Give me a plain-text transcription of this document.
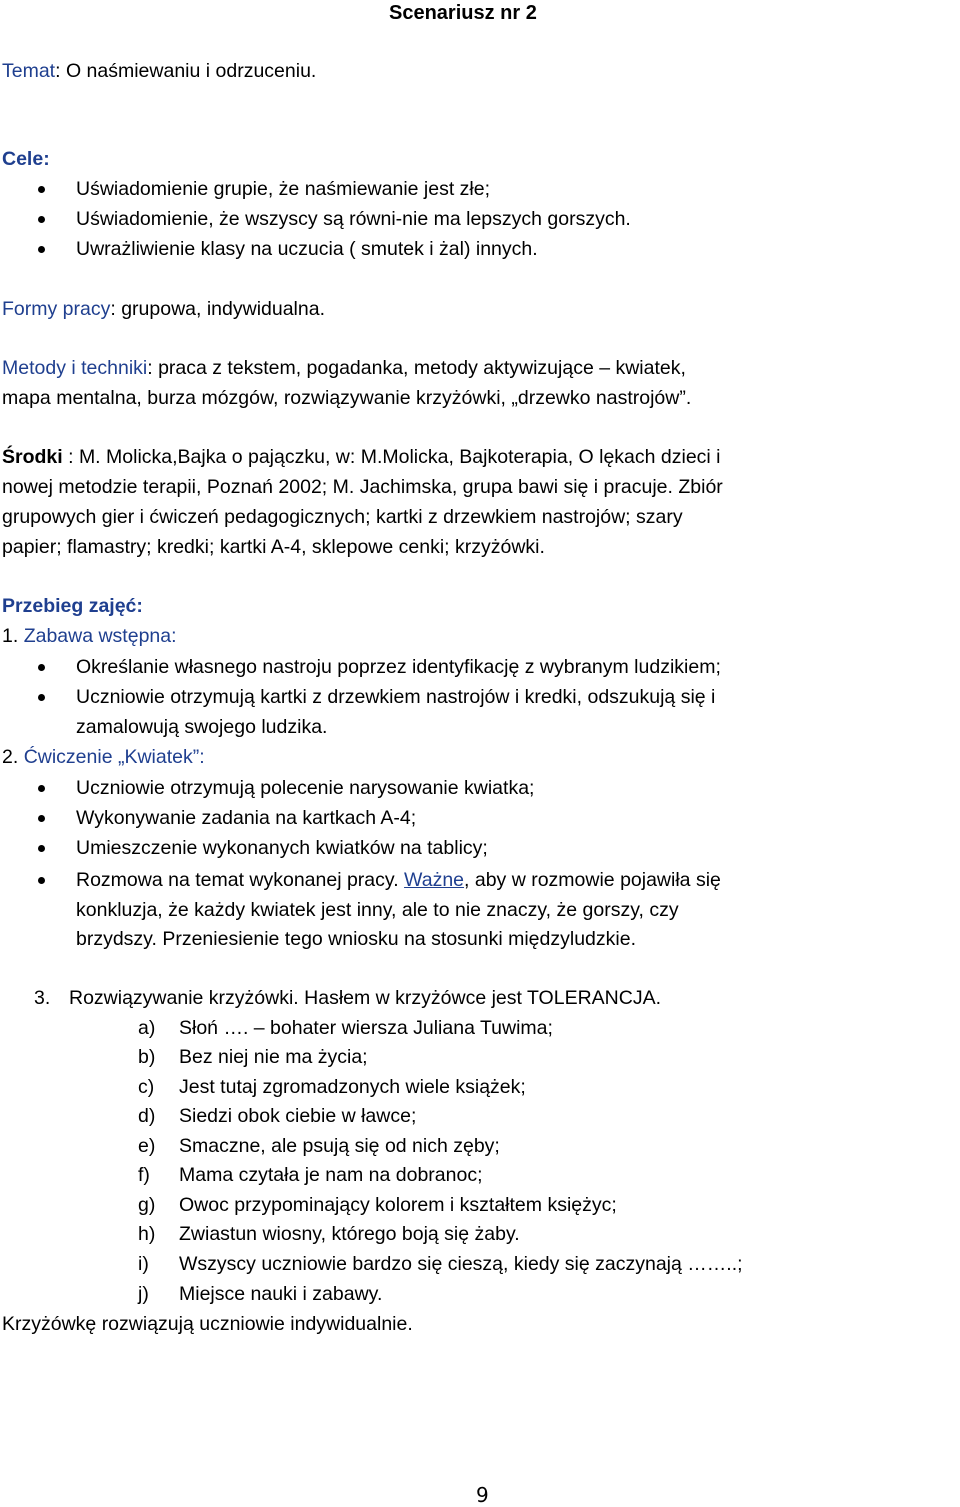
Scenariusz nr 2
Temat: O naśmiewaniu i odrzuceniu.
Cele:
Uświadomienie grupie, że naśmiewanie jest złe;
Uświadomienie, że wszyscy są równi-nie ma lepszych gorszych.
Uwrażliwienie klasy na uczucia ( smutek i żal) innych.
Formy pracy: grupowa, indywidualna.
Metody i techniki: praca z tekstem, pogadanka, metody aktywizujące – kwiatek,
mapa mentalna, burza mózgów, rozwiązywanie krzyżówki, „drzewko nastrojów”.
Środki : M. Molicka,Bajka o pajączku, w: M.Molicka, Bajkoterapia, O lękach dzieci i
nowej metodzie terapii, Poznań 2002; M. Jachimska, grupa bawi się i pracuje. Zbiór
grupowych gier i ćwiczeń pedagogicznych; kartki z drzewkiem nastrojów; szary
papier; flamastry; kredki; kartki A-4, sklepowe cenki; krzyżówki.
Przebieg zajęć:
1. Zabawa wstępna:
Określanie własnego nastroju poprzez identyfikację z wybranym ludzikiem;
Uczniowie otrzymują kartki z drzewkiem nastrojów i kredki, odszukują się i
zamalowują swojego ludzika.
2. Ćwiczenie „Kwiatek”:
Uczniowie otrzymują polecenie narysowanie kwiatka;
Wykonywanie zadania na kartkach A-4;
Umieszczenie wykonanych kwiatków na tablicy;
Rozmowa na temat wykonanej pracy. Ważne, aby w rozmowie pojawiła się
konkluzja, że każdy kwiatek jest inny, ale to nie znaczy, że gorszy, czy
brzydszy. Przeniesienie tego wniosku na stosunki międzyludzkie.
3. Rozwiązywanie krzyżówki. Hasłem w krzyżówce jest TOLERANCJA.
a) Słoń …. – bohater wiersza Juliana Tuwima;
b) Bez niej nie ma życia;
c) Jest tutaj zgromadzonych wiele książek;
d) Siedzi obok ciebie w ławce;
e) Smaczne, ale psują się od nich zęby;
f) Mama czytała je nam na dobranoc;
g) Owoc przypominający kolorem i kształtem księżyc;
h) Zwiastun wiosny, którego boją się żaby.
i) Wszyscy uczniowie bardzo się cieszą, kiedy się zaczynają ……..;
j) Miejsce nauki i zabawy.
Krzyżówkę rozwiązują uczniowie indywidualnie.
9
